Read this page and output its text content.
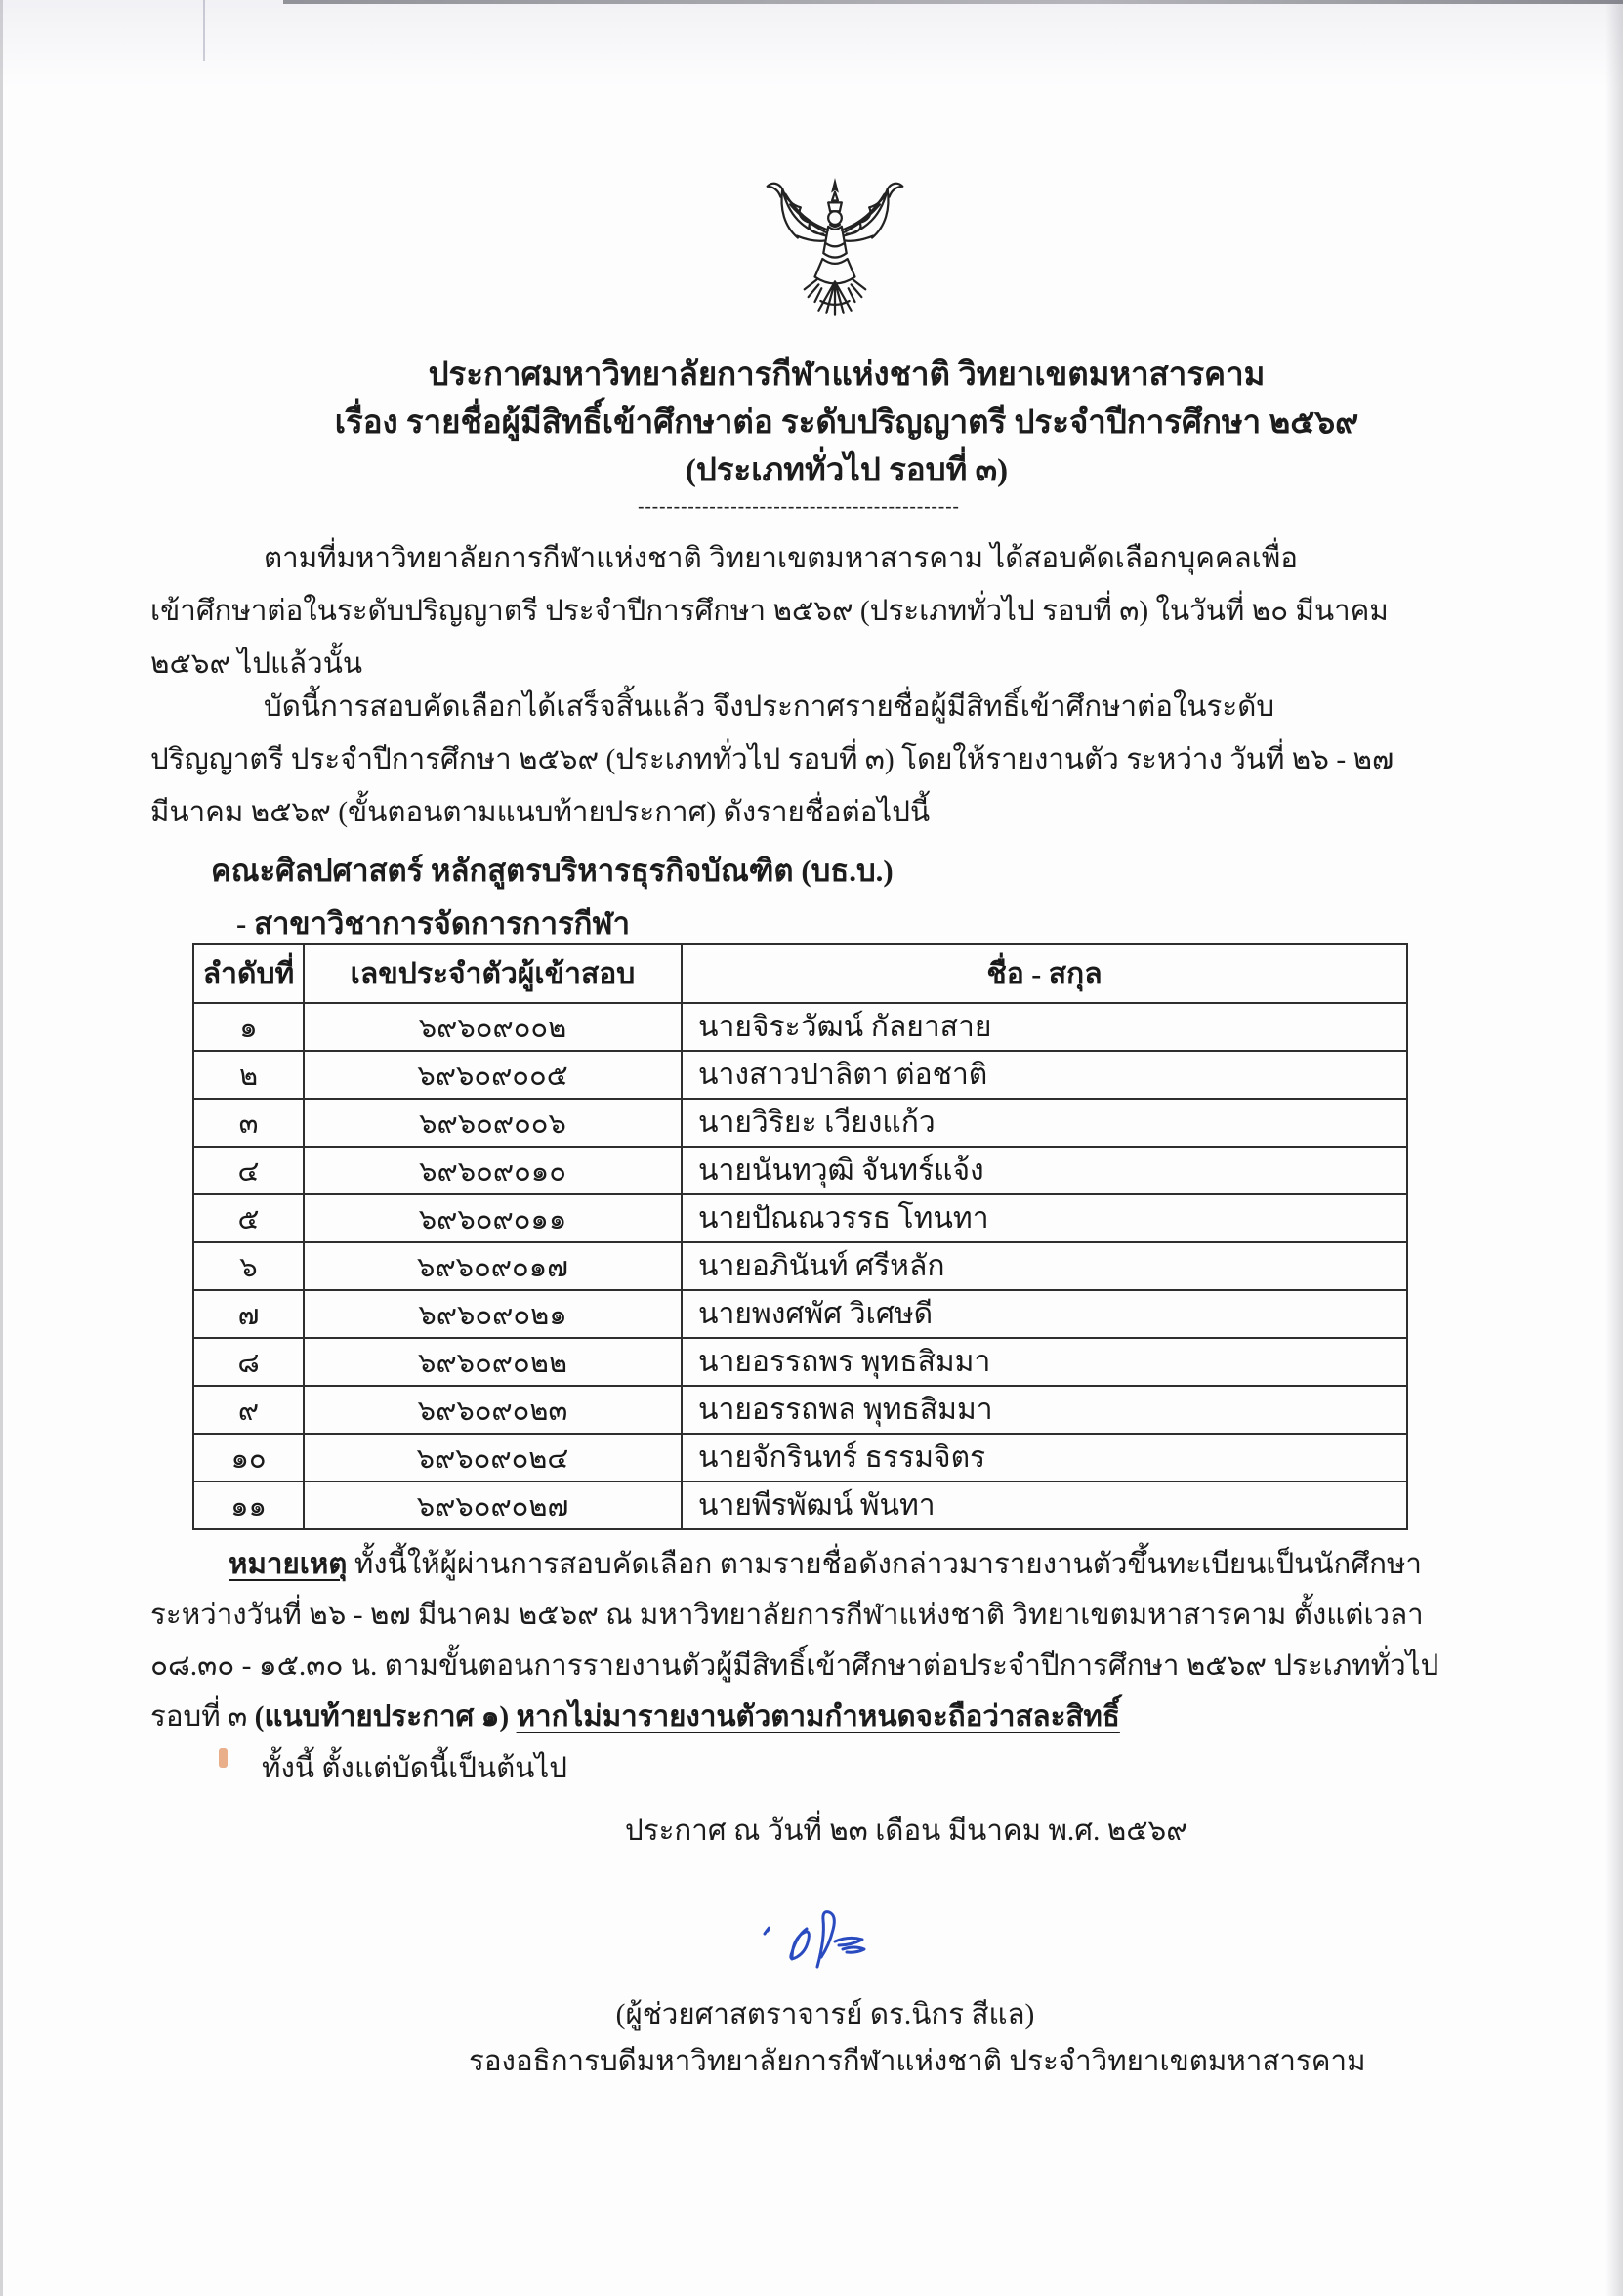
ประกาศมหาวิทยาลัยการกีฬาแห่งชาติ วิทยาเขตมหาสารคาม
เรื่อง รายชื่อผู้มีสิทธิ์เข้าศึกษาต่อ ระดับปริญญาตรี ประจำปีการศึกษา ๒๕๖๙
(ประเภททั่วไป รอบที่ ๓)
---------------------------------------------
ตามที่มหาวิทยาลัยการกีฬาแห่งชาติ วิทยาเขตมหาสารคาม ได้สอบคัดเลือกบุคคลเพื่อ
เข้าศึกษาต่อในระดับปริญญาตรี ประจำปีการศึกษา ๒๕๖๙ (ประเภททั่วไป รอบที่ ๓) ในวันที่ ๒๐ มีนาคม
๒๕๖๙ ไปแล้วนั้น
บัดนี้การสอบคัดเลือกได้เสร็จสิ้นแล้ว จึงประกาศรายชื่อผู้มีสิทธิ์เข้าศึกษาต่อในระดับ
ปริญญาตรี ประจำปีการศึกษา ๒๕๖๙ (ประเภททั่วไป รอบที่ ๓) โดยให้รายงานตัว ระหว่าง วันที่ ๒๖ - ๒๗
มีนาคม ๒๕๖๙ (ขั้นตอนตามแนบท้ายประกาศ) ดังรายชื่อต่อไปนี้
คณะศิลปศาสตร์ หลักสูตรบริหารธุรกิจบัณฑิต (บธ.บ.)
- สาขาวิชาการจัดการการกีฬา
ลำดับที่	เลขประจำตัวผู้เข้าสอบ	ชื่อ - สกุล
๑	๖๙๖๐๙๐๐๒	นายจิระวัฒน์ กัลยาสาย
๒	๖๙๖๐๙๐๐๕	นางสาวปาลิตา ต่อชาติ
๓	๖๙๖๐๙๐๐๖	นายวิริยะ เวียงแก้ว
๔	๖๙๖๐๙๐๑๐	นายนันทวุฒิ จันทร์แจ้ง
๕	๖๙๖๐๙๐๑๑	นายปัณณวรรธ โทนทา
๖	๖๙๖๐๙๐๑๗	นายอภินันท์ ศรีหลัก
๗	๖๙๖๐๙๐๒๑	นายพงศพัศ วิเศษดี
๘	๖๙๖๐๙๐๒๒	นายอรรถพร พุทธสิมมา
๙	๖๙๖๐๙๐๒๓	นายอรรถพล พุทธสิมมา
๑๐	๖๙๖๐๙๐๒๔	นายจักรินทร์ ธรรมจิตร
๑๑	๖๙๖๐๙๐๒๗	นายพีรพัฒน์ พันทา
หมายเหตุ ทั้งนี้ให้ผู้ผ่านการสอบคัดเลือก ตามรายชื่อดังกล่าวมารายงานตัวขึ้นทะเบียนเป็นนักศึกษา
ระหว่างวันที่ ๒๖ - ๒๗ มีนาคม ๒๕๖๙ ณ มหาวิทยาลัยการกีฬาแห่งชาติ วิทยาเขตมหาสารคาม ตั้งแต่เวลา
๐๘.๓๐ - ๑๕.๓๐ น. ตามขั้นตอนการรายงานตัวผู้มีสิทธิ์เข้าศึกษาต่อประจำปีการศึกษา ๒๕๖๙ ประเภททั่วไป
รอบที่ ๓ (แนบท้ายประกาศ ๑) หากไม่มารายงานตัวตามกำหนดจะถือว่าสละสิทธิ์
ทั้งนี้ ตั้งแต่บัดนี้เป็นต้นไป
ประกาศ ณ วันที่ ๒๓ เดือน มีนาคม พ.ศ. ๒๕๖๙
(ผู้ช่วยศาสตราจารย์ ดร.นิกร สีแล)
รองอธิการบดีมหาวิทยาลัยการกีฬาแห่งชาติ ประจำวิทยาเขตมหาสารคาม
